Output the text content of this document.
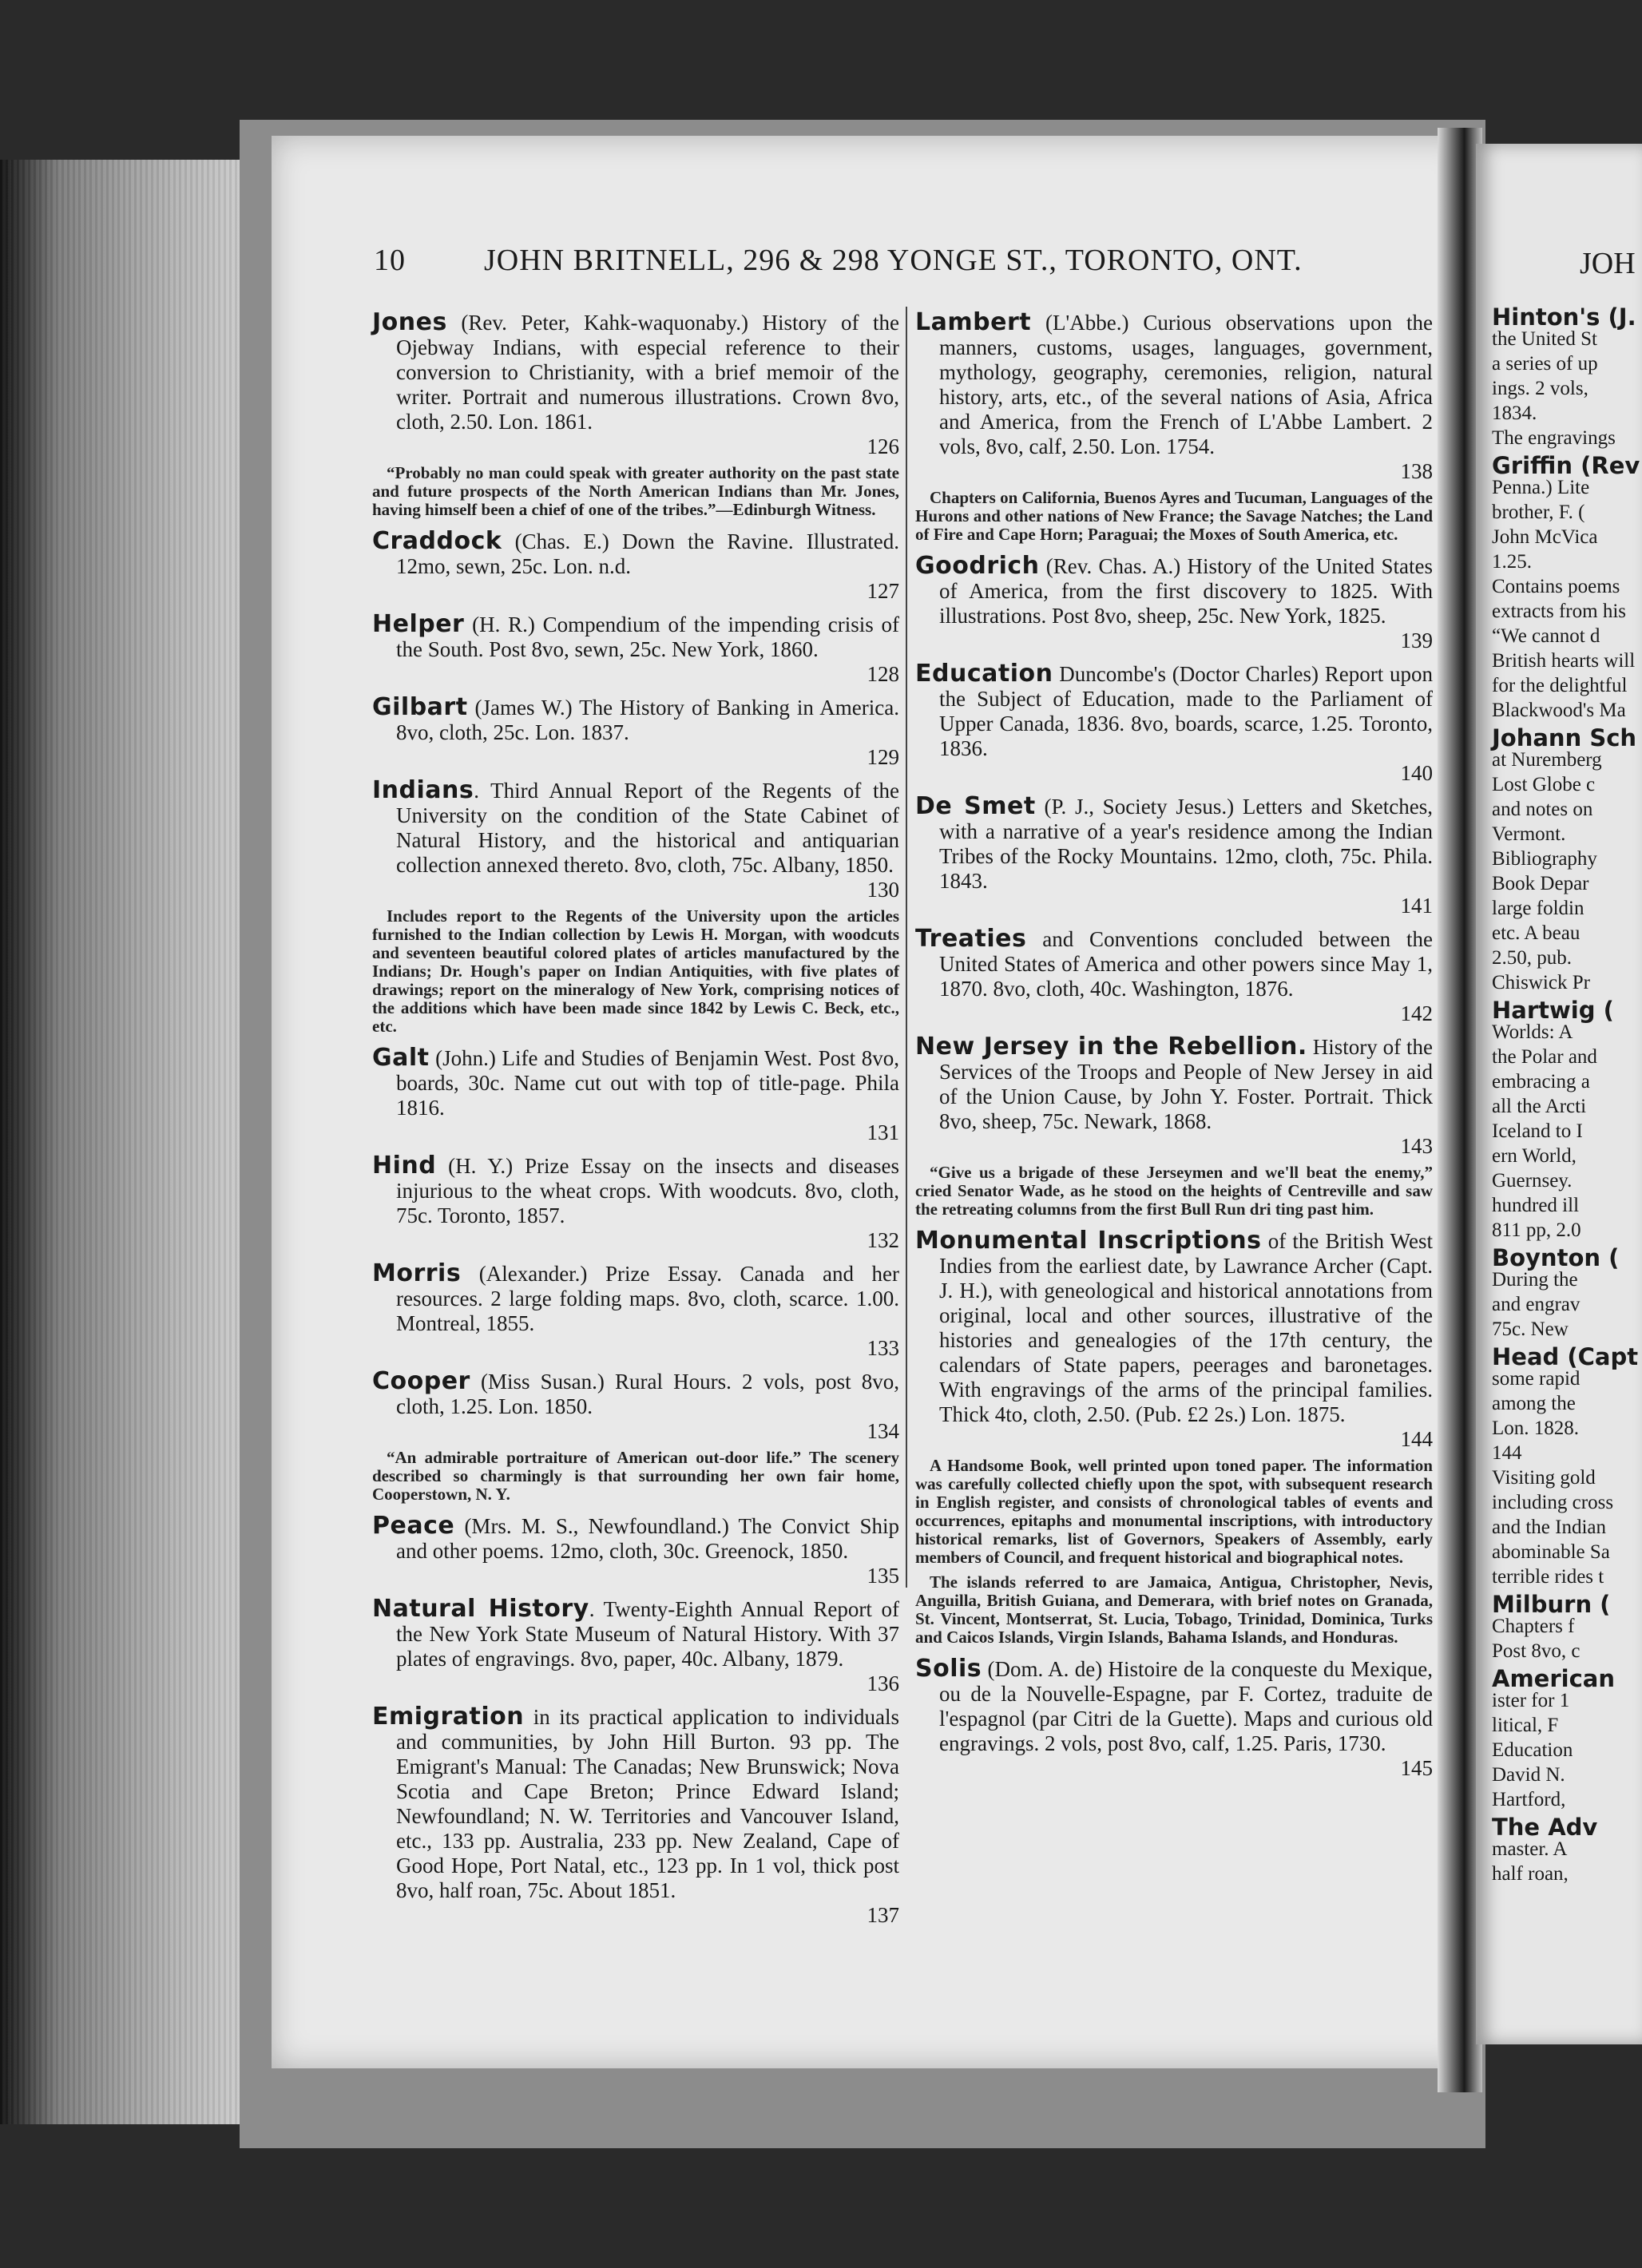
10	JOHN BRITNELL, 296 & 298 YONGE ST., TORONTO, ONT.
Jones (Rev. Peter, Kahk-waquonaby.) History of the Ojebway Indians, with especial reference to their conversion to Christianity, with a brief memoir of the writer. Portrait and numerous illustrations. Crown 8vo, cloth, 2.50. Lon. 1861.
126
“Probably no man could speak with greater authority on the past state and future prospects of the North American Indians than Mr. Jones, having himself been a chief of one of the tribes.”—Edinburgh Witness.
Craddock (Chas. E.) Down the Ravine. Illustrated. 12mo, sewn, 25c. Lon. n.d.
127
Helper (H. R.) Compendium of the impending crisis of the South. Post 8vo, sewn, 25c. New York, 1860.
128
Gilbart (James W.) The History of Banking in America. 8vo, cloth, 25c. Lon. 1837.
129
Indians. Third Annual Report of the Regents of the University on the condition of the State Cabinet of Natural History, and the historical and antiquarian collection annexed thereto. 8vo, cloth, 75c. Albany, 1850.
130
Includes report to the Regents of the University upon the articles furnished to the Indian collection by Lewis H. Morgan, with woodcuts and seventeen beautiful colored plates of articles manufactured by the Indians; Dr. Hough's paper on Indian Antiquities, with five plates of drawings; report on the mineralogy of New York, comprising notices of the additions which have been made since 1842 by Lewis C. Beck, etc., etc.
Galt (John.) Life and Studies of Benjamin West. Post 8vo, boards, 30c. Name cut out with top of title-page. Phila 1816.
131
Hind (H. Y.) Prize Essay on the insects and diseases injurious to the wheat crops. With woodcuts. 8vo, cloth, 75c. Toronto, 1857.
132
Morris (Alexander.) Prize Essay. Canada and her resources. 2 large folding maps. 8vo, cloth, scarce. 1.00. Montreal, 1855.
133
Cooper (Miss Susan.) Rural Hours. 2 vols, post 8vo, cloth, 1.25. Lon. 1850.
134
“An admirable portraiture of American out-door life.” The scenery described so charmingly is that surrounding her own fair home, Cooperstown, N. Y.
Peace (Mrs. M. S., Newfoundland.) The Convict Ship and other poems. 12mo, cloth, 30c. Greenock, 1850.
135
Natural History. Twenty-Eighth Annual Report of the New York State Museum of Natural History. With 37 plates of engravings. 8vo, paper, 40c. Albany, 1879.
136
Emigration in its practical application to individuals and communities, by John Hill Burton. 93 pp. The Emigrant's Manual: The Canadas; New Brunswick; Nova Scotia and Cape Breton; Prince Edward Island; Newfoundland; N. W. Territories and Vancouver Island, etc., 133 pp. Australia, 233 pp. New Zealand, Cape of Good Hope, Port Natal, etc., 123 pp. In 1 vol, thick post 8vo, half roan, 75c. About 1851.
137
Lambert (L'Abbe.) Curious observations upon the manners, customs, usages, languages, government, mythology, geography, ceremonies, religion, natural history, arts, etc., of the several nations of Asia, Africa and America, from the French of L'Abbe Lambert. 2 vols, 8vo, calf, 2.50. Lon. 1754.
138
Chapters on California, Buenos Ayres and Tucuman, Languages of the Hurons and other nations of New France; the Savage Natches; the Land of Fire and Cape Horn; Paraguai; the Moxes of South America, etc.
Goodrich (Rev. Chas. A.) History of the United States of America, from the first discovery to 1825. With illustrations. Post 8vo, sheep, 25c. New York, 1825.
139
Education Duncombe's (Doctor Charles) Report upon the Subject of Education, made to the Parliament of Upper Canada, 1836. 8vo, boards, scarce, 1.25. Toronto, 1836.
140
De Smet (P. J., Society Jesus.) Letters and Sketches, with a narrative of a year's residence among the Indian Tribes of the Rocky Mountains. 12mo, cloth, 75c. Phila. 1843.
141
Treaties and Conventions concluded between the United States of America and other powers since May 1, 1870. 8vo, cloth, 40c. Washington, 1876.
142
New Jersey in the Rebellion. History of the Services of the Troops and People of New Jersey in aid of the Union Cause, by John Y. Foster. Portrait. Thick 8vo, sheep, 75c. Newark, 1868.
143
“Give us a brigade of these Jerseymen and we'll beat the enemy,” cried Senator Wade, as he stood on the heights of Centreville and saw the retreating columns from the first Bull Run dri ting past him.
Monumental Inscriptions of the British West Indies from the earliest date, by Lawrance Archer (Capt. J. H.), with geneological and historical annotations from original, local and other sources, illustrative of the histories and genealogies of the 17th century, the calendars of State papers, peerages and baronetages. With engravings of the arms of the principal families. Thick 4to, cloth, 2.50. (Pub. £2 2s.) Lon. 1875.
144
A Handsome Book, well printed upon toned paper. The information was carefully collected chiefly upon the spot, with subsequent research in English register, and consists of chronological tables of events and occurrences, epitaphs and monumental inscriptions, with introductory historical remarks, list of Governors, Speakers of Assembly, early members of Council, and frequent historical and biographical notes.
The islands referred to are Jamaica, Antigua, Christopher, Nevis, Anguilla, British Guiana, and Demerara, with brief notes on Granada, St. Vincent, Montserrat, St. Lucia, Tobago, Trinidad, Dominica, Turks and Caicos Islands, Virgin Islands, Bahama Islands, and Honduras.
Solis (Dom. A. de) Histoire de la conqueste du Mexique, ou de la Nouvelle-Espagne, par F. Cortez, traduite de l'espagnol (par Citri de la Guette). Maps and curious old engravings. 2 vols, post 8vo, calf, 1.25. Paris, 1730.
145
JOH
Hinton's (J.
the United St
a series of up
ings. 2 vols,
1834.
The engravings
Griffin (Rev
Penna.) Lite
brother, F. (
John McVica
1.25.
Contains poems
extracts from his
“We cannot d
British hearts will
for the delightful
Blackwood's Ma
Johann Sch
at Nuremberg
Lost Globe c
and notes on
Vermont.
Bibliography
Book Depar
large foldin
etc. A beau
2.50, pub.
Chiswick Pr
Hartwig (
Worlds: A
the Polar and
embracing a
all the Arcti
Iceland to I
ern World,
Guernsey.
hundred ill
811 pp, 2.0
Boynton (
During the
and engrav
75c. New
Head (Capt
some rapid
among the
Lon. 1828.
144
Visiting gold
including cross
and the Indian
abominable Sa
terrible rides t
Milburn (
Chapters f
Post 8vo, c
American
ister for 1
litical, F
Education
David N.
Hartford,
The Adv
master. A
half roan,
